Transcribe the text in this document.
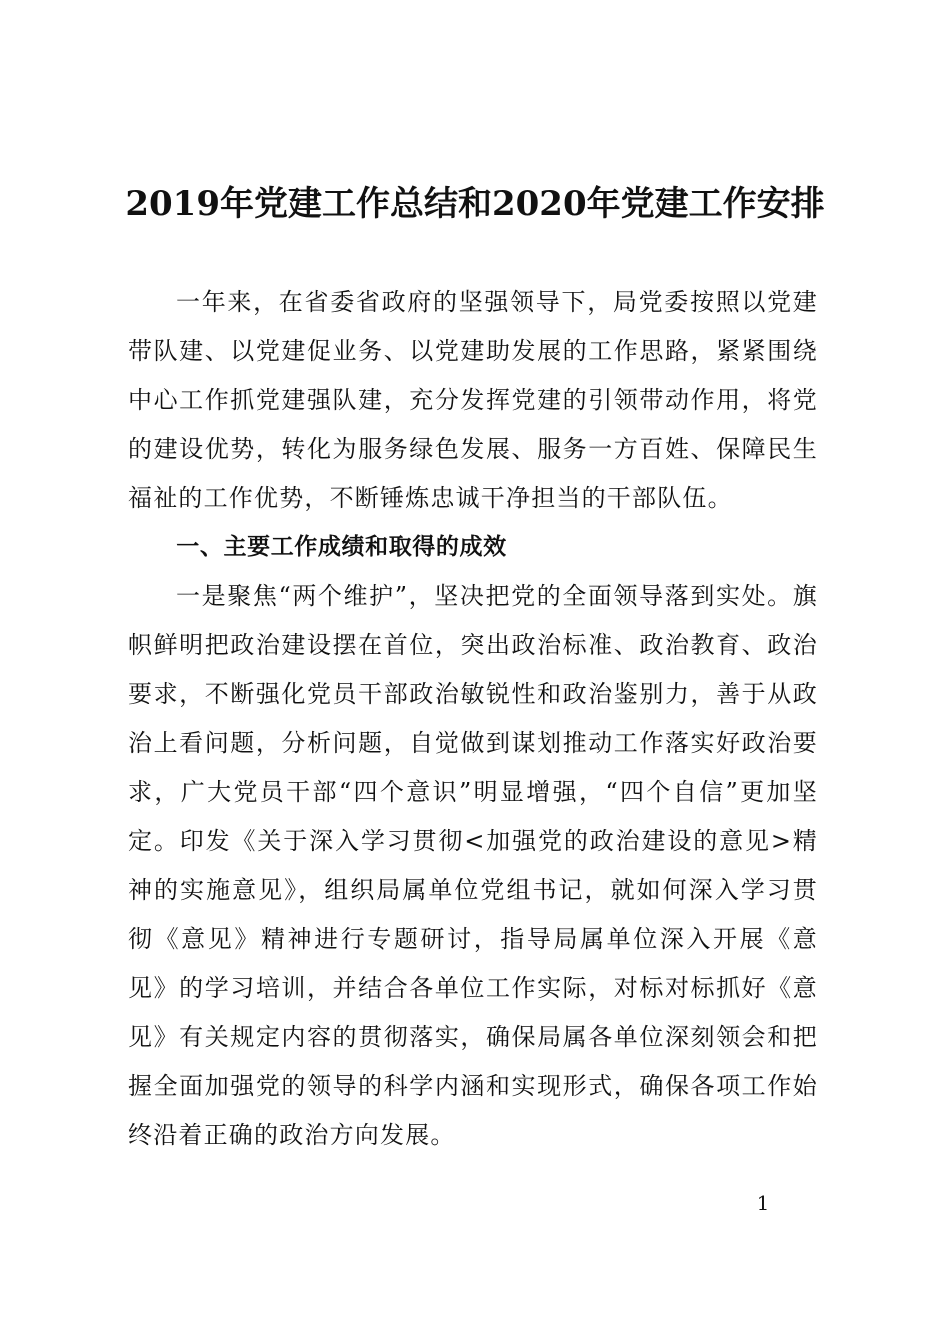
2019年党建工作总结和2020年党建工作安排

一年来，在省委省政府的坚强领导下，局党委按照以党建带队建、以党建促业务、以党建助发展的工作思路，紧紧围绕中心工作抓党建强队建，充分发挥党建的引领带动作用，将党的建设优势，转化为服务绿色发展、服务一方百姓、保障民生福祉的工作优势，不断锤炼忠诚干净担当的干部队伍。

一、主要工作成绩和取得的成效

一是聚焦“两个维护”，坚决把党的全面领导落到实处。旗帜鲜明把政治建设摆在首位，突出政治标准、政治教育、政治要求，不断强化党员干部政治敏锐性和政治鉴别力，善于从政治上看问题，分析问题，自觉做到谋划推动工作落实好政治要求，广大党员干部“四个意识”明显增强，“四个自信”更加坚定。印发《关于深入学习贯彻<加强党的政治建设的意见>精神的实施意见》，组织局属单位党组书记，就如何深入学习贯彻《意见》精神进行专题研讨，指导局属单位深入开展《意见》的学习培训，并结合各单位工作实际，对标对标抓好《意见》有关规定内容的贯彻落实，确保局属各单位深刻领会和把握全面加强党的领导的科学内涵和实现形式，确保各项工作始终沿着正确的政治方向发展。

1
